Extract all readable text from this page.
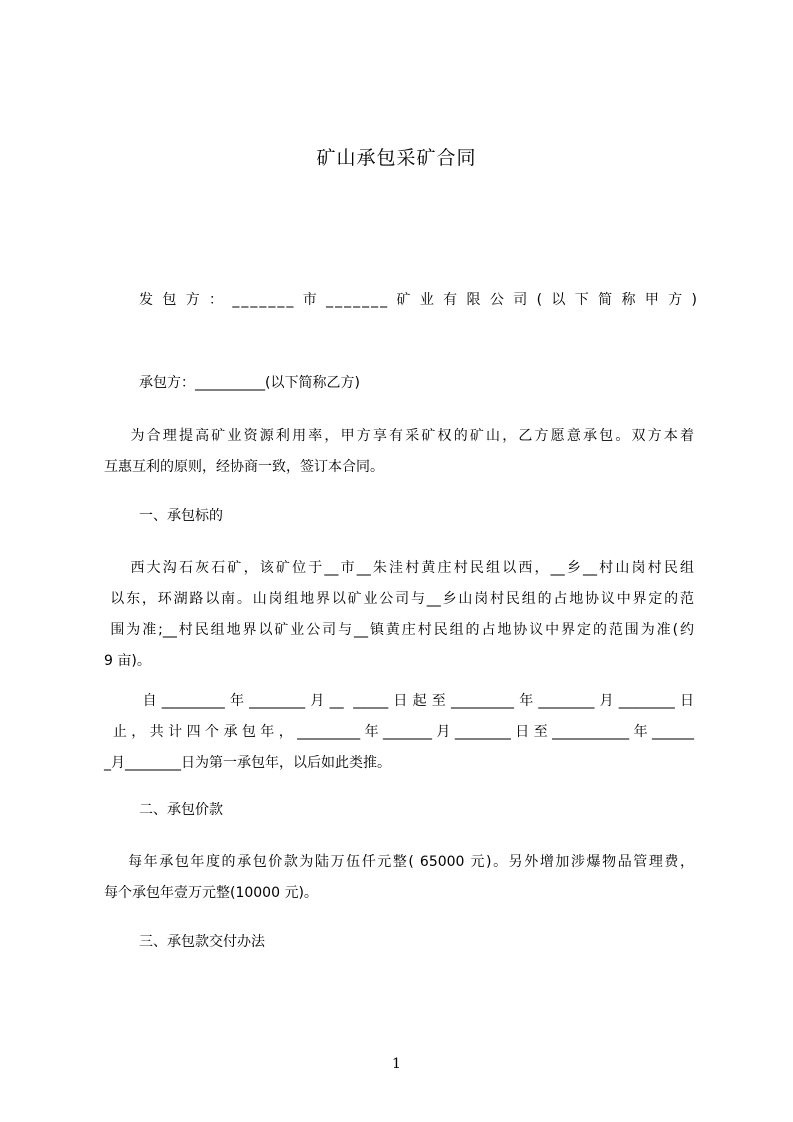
矿山承包采矿合同
发包方：_______市_______矿业有限公司(以下简称甲方)
承包方：__________(以下简称乙方)
为合理提高矿业资源利用率，甲方享有采矿权的矿山，乙方愿意承包。双方本着
互惠互利的原则，经协商一致，签订本合同。
一、承包标的
西大沟石灰石矿，该矿位于__市__朱洼村黄庄村民组以西，__乡__村山岗村民组
以东，环湖路以南。山岗组地界以矿业公司与__乡山岗村民组的占地协议中界定的范
围为准;__村民组地界以矿业公司与__镇黄庄村民组的占地协议中界定的范围为准(约
9 亩)。
自_________年________月__ _____日起至_________年________月________日
止，共计四个承包年，_________年_______月________日至___________年______
_月________日为第一承包年，以后如此类推。
二、承包价款
每年承包年度的承包价款为陆万伍仟元整( 65000 元)。另外增加涉爆物品管理费，
每个承包年壹万元整(10000 元)。
三、承包款交付办法
1
